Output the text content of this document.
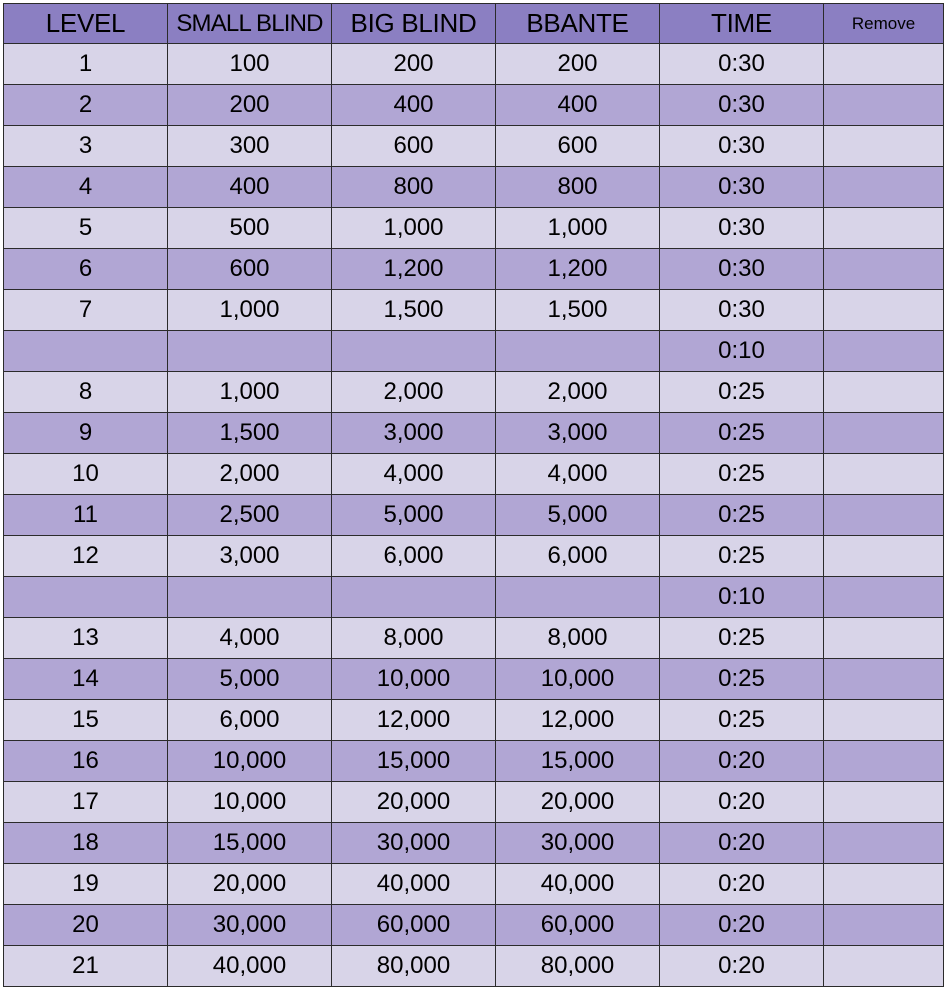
LEVEL	SMALL BLIND	BIG BLIND	BBANTE	TIME	Remove
1	100	200	200	0:30	
2	200	400	400	0:30	
3	300	600	600	0:30	
4	400	800	800	0:30	
5	500	1,000	1,000	0:30	
6	600	1,200	1,200	0:30	
7	1,000	1,500	1,500	0:30	
				0:10	
8	1,000	2,000	2,000	0:25	
9	1,500	3,000	3,000	0:25	
10	2,000	4,000	4,000	0:25	
11	2,500	5,000	5,000	0:25	
12	3,000	6,000	6,000	0:25	
				0:10	
13	4,000	8,000	8,000	0:25	
14	5,000	10,000	10,000	0:25	
15	6,000	12,000	12,000	0:25	
16	10,000	15,000	15,000	0:20	
17	10,000	20,000	20,000	0:20	
18	15,000	30,000	30,000	0:20	
19	20,000	40,000	40,000	0:20	
20	30,000	60,000	60,000	0:20	
21	40,000	80,000	80,000	0:20	
